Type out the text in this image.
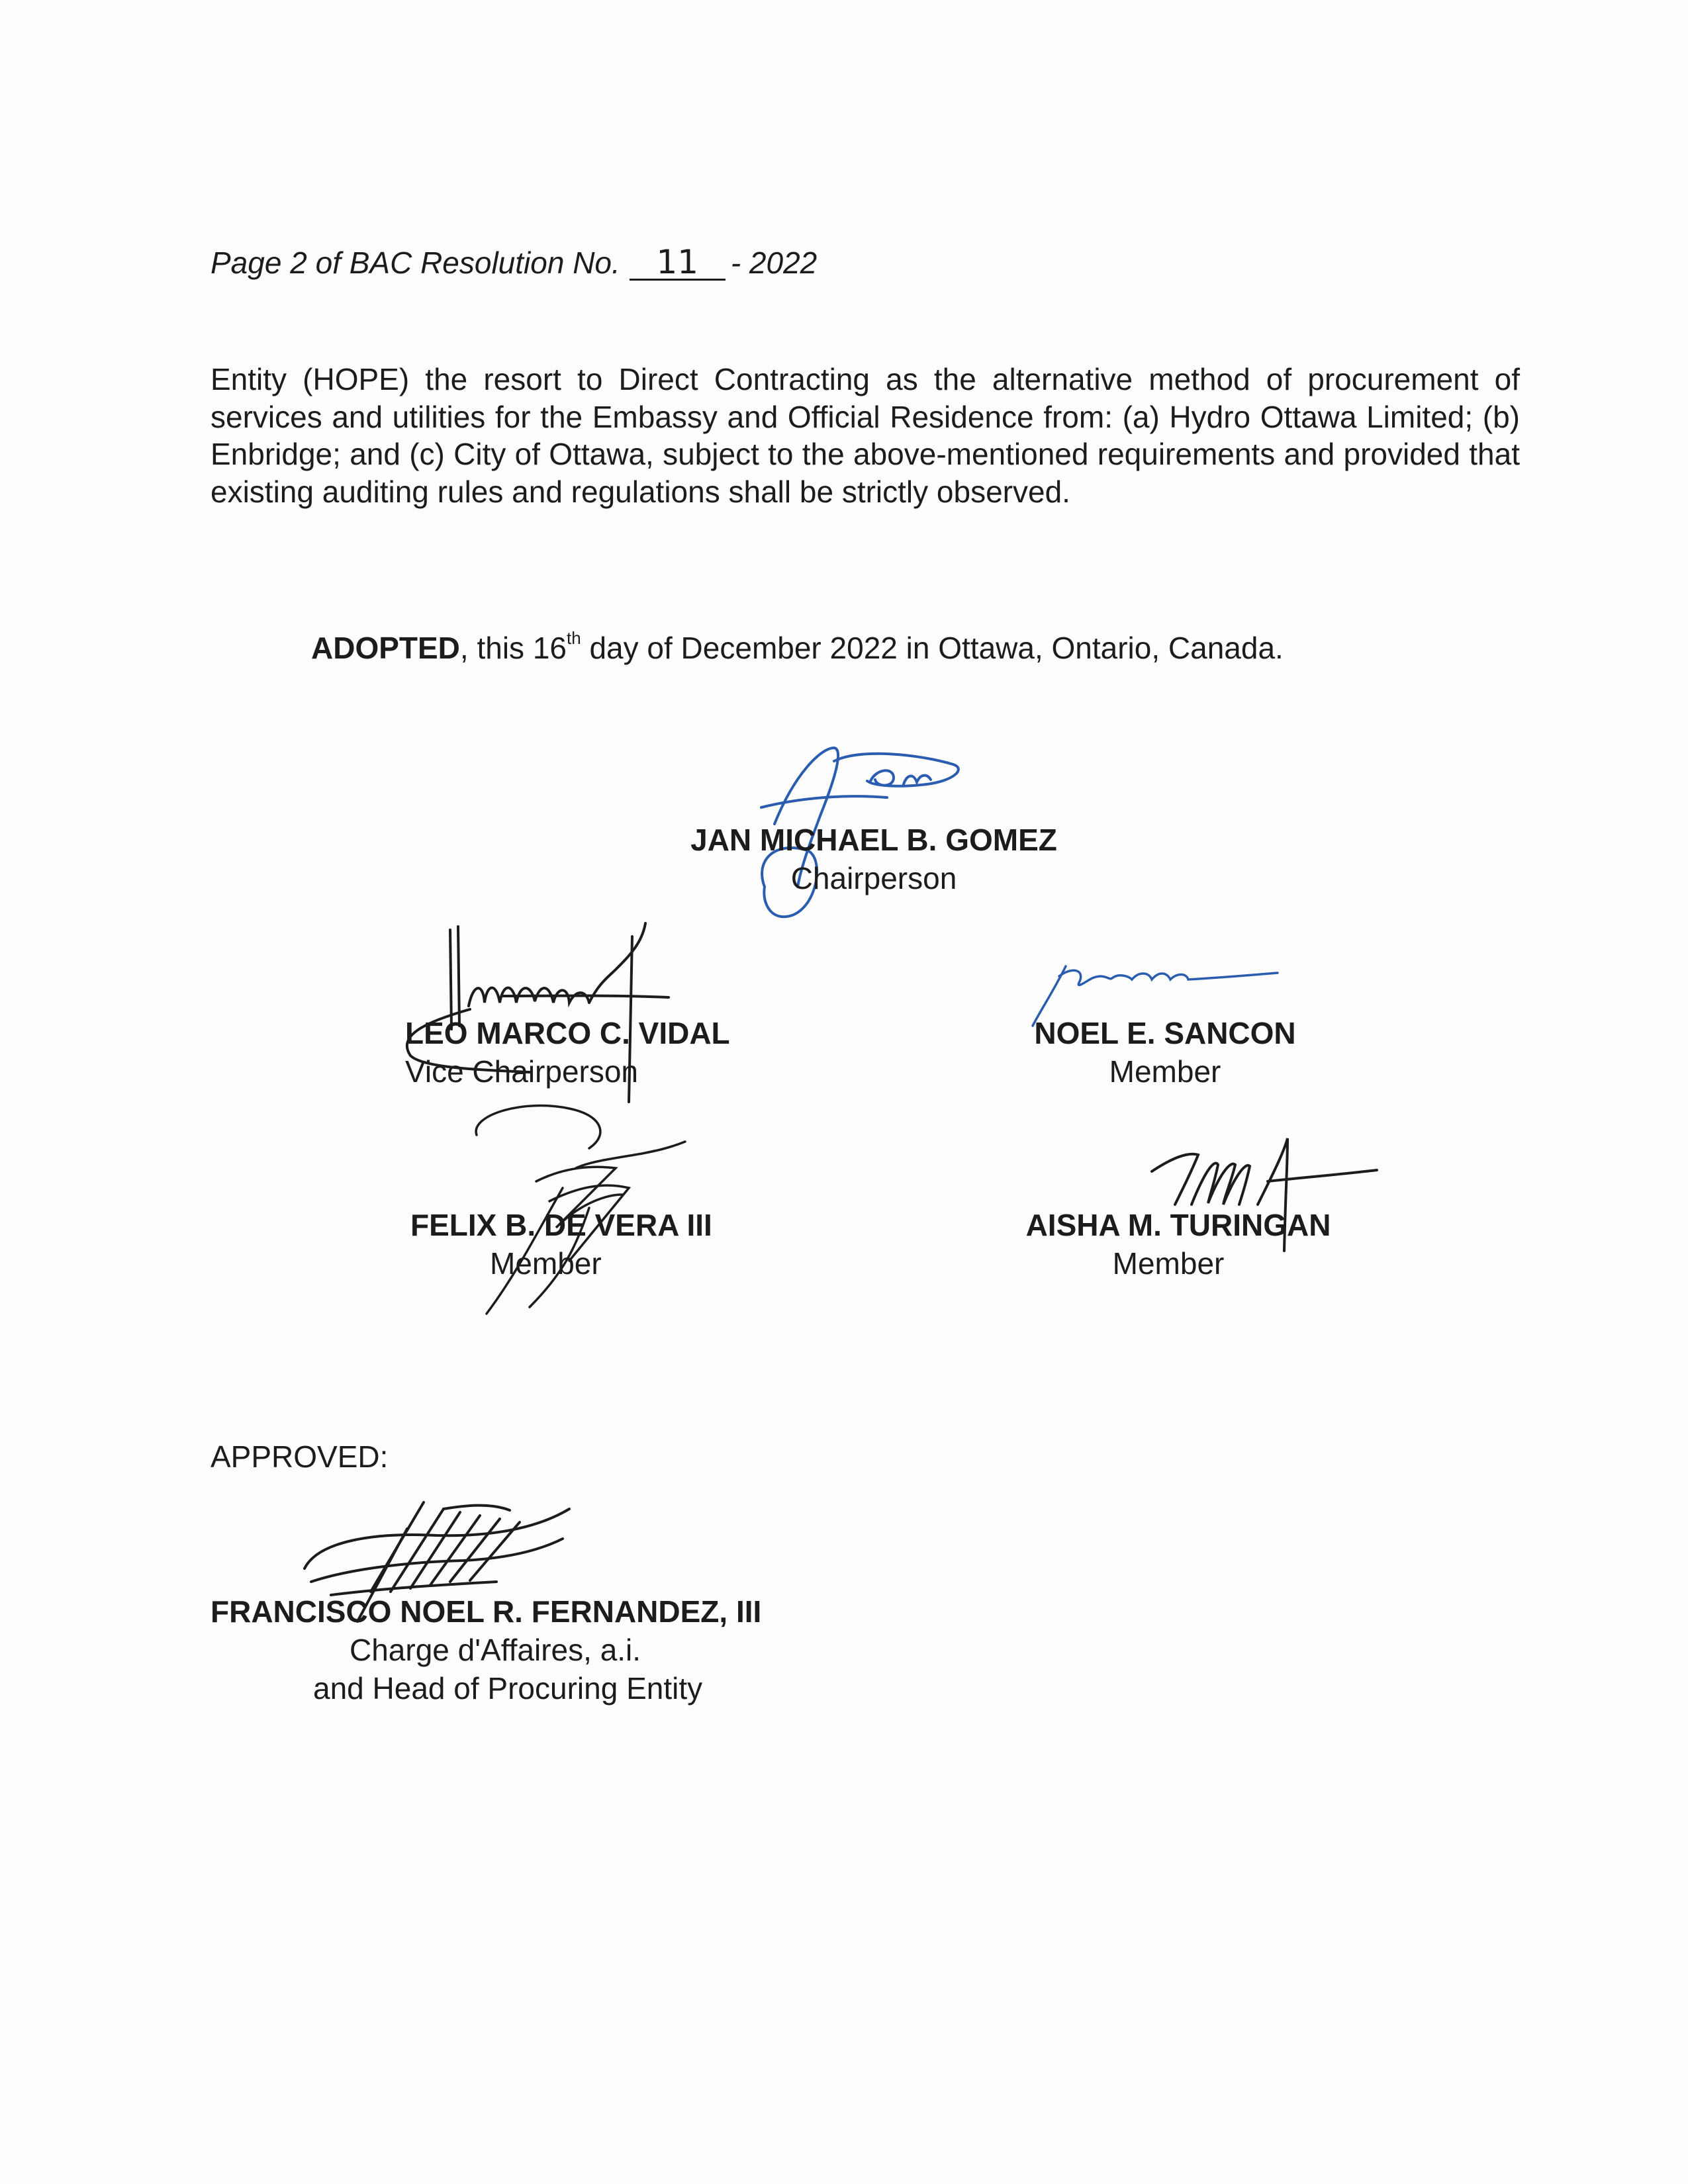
Page 2 of BAC Resolution No. 11 - 2022
Entity (HOPE) the resort to Direct Contracting as the alternative method of procurement of services and utilities for the Embassy and Official Residence from: (a) Hydro Ottawa Limited; (b) Enbridge; and (c) City of Ottawa, subject to the above-mentioned requirements and provided that existing auditing rules and regulations shall be strictly observed.
ADOPTED, this 16th day of December 2022 in Ottawa, Ontario, Canada.
JAN MICHAEL B. GOMEZ
Chairperson
LEO MARCO C. VIDAL
Vice Chairperson
NOEL E. SANCON
Member
FELIX B. DE VERA III
Member
AISHA M. TURINGAN
Member
APPROVED:
FRANCISCO NOEL R. FERNANDEZ, III
Charge d'Affaires, a.i.
and Head of Procuring Entity
